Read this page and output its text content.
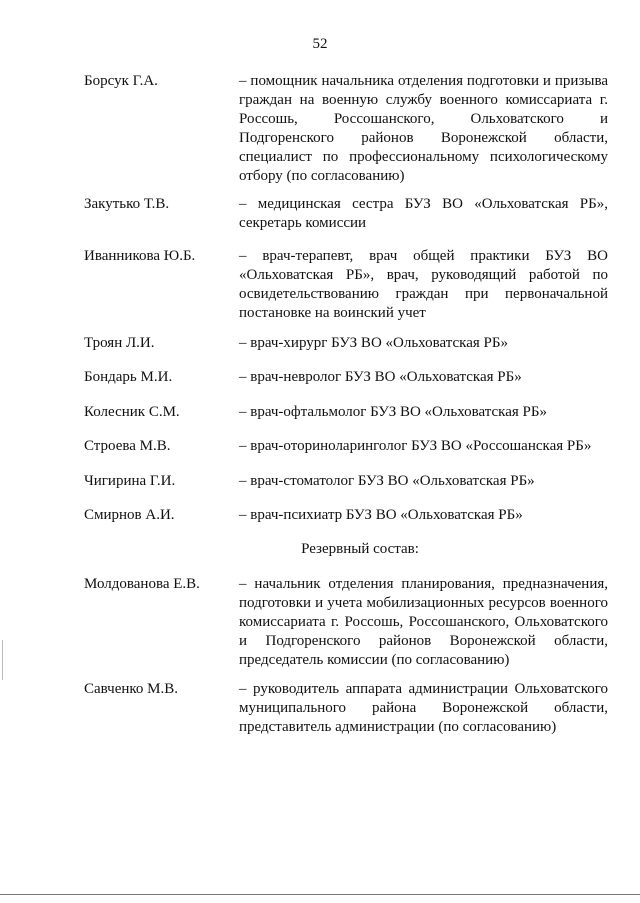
52
Борсук Г.А.	– помощник начальника отделения подготовки и призыва граждан на военную службу военного комиссариата г. Россошь, Россошанского, Ольховатского и Подгоренского районов Воронежской области, специалист по профессиональному психологическому отбору (по согласованию)
Закутько Т.В.	– медицинская сестра БУЗ ВО «Ольховатская РБ», секретарь комиссии
Иванникова Ю.Б.	– врач-терапевт, врач общей практики БУЗ ВО «Ольховатская РБ», врач, руководящий работой по освидетельствованию граждан при первоначальной постановке на воинский учет
Троян Л.И.	– врач-хирург БУЗ ВО «Ольховатская РБ»
Бондарь М.И.	– врач-невролог БУЗ ВО «Ольховатская РБ»
Колесник С.М.	– врач-офтальмолог БУЗ ВО «Ольховатская РБ»
Строева М.В.	– врач-оториноларинголог БУЗ ВО «Россошанская РБ»
Чигирина Г.И.	– врач-стоматолог БУЗ ВО «Ольховатская РБ»
Смирнов А.И.	– врач-психиатр БУЗ ВО «Ольховатская РБ»
Резервный состав:
Молдованова Е.В.	– начальник отделения планирования, предназначения, подготовки и учета мобилизационных ресурсов военного комиссариата г. Россошь, Россошанского, Ольховатского и Подгоренского районов Воронежской области, председатель комиссии (по согласованию)
Савченко М.В.	– руководитель аппарата администрации Ольховатского муниципального района Воронежской области, представитель администрации (по согласованию)
